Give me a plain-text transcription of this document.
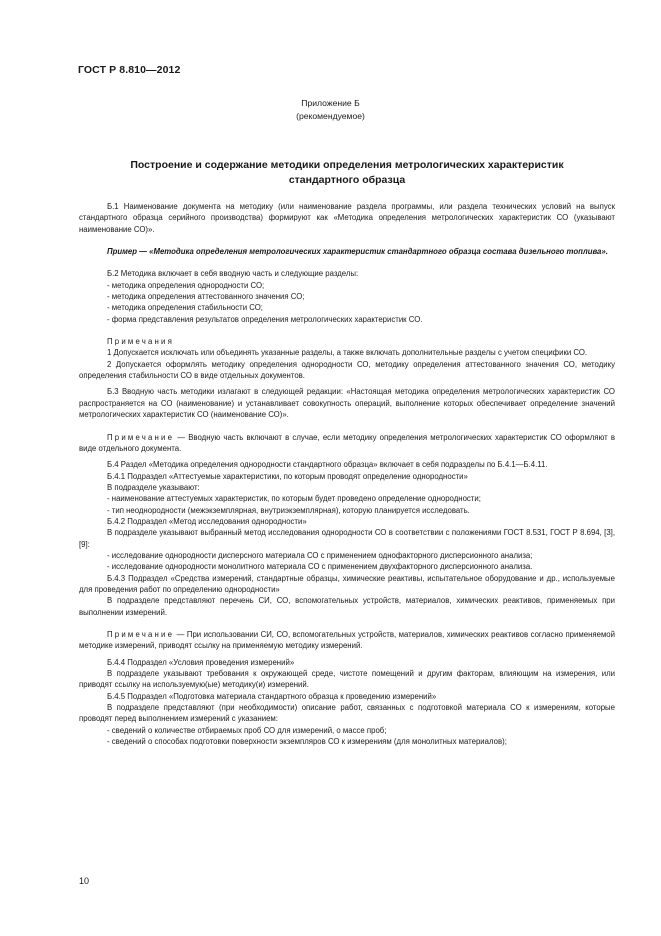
ГОСТ Р 8.810—2012
Приложение Б
(рекомендуемое)
Построение и содержание методики определения метрологических характеристик
стандартного образца

Б.1 Наименование документа на методику (или наименование раздела программы, или раздела технических условий на выпуск стандартного образца серийного производства) формируют как «Методика определения метрологических характеристик СО (указывают наименование СО)».

Пример — «Методика определения метрологических характеристик стандартного образца состава дизельного топлива».

Б.2 Методика включает в себя вводную часть и следующие разделы:

- методика определения однородности СО;

- методика определения аттестованного значения СО;

- методика определения стабильности СО;

- форма представления результатов определения метрологических характеристик СО.

Примечания

1 Допускается исключать или объединять указанные разделы, а также включать дополнительные разделы с учетом специфики СО.

2 Допускается оформлять методику определения однородности СО, методику определения аттестованного значения СО, методику определения стабильности СО в виде отдельных документов.

Б.3 Вводную часть методики излагают в следующей редакции: «Настоящая методика определения метрологических характеристик СО распространяется на СО (наименование) и устанавливает совокупность операций, выполнение которых обеспечивает определение значений метрологических характеристик СО (наименование СО)».

Примечание — Вводную часть включают в случае, если методику определения метрологических характеристик СО оформляют в виде отдельного документа.

Б.4 Раздел «Методика определения однородности стандартного образца» включает в себя подразделы по Б.4.1—Б.4.11.

Б.4.1 Подраздел «Аттестуемые характеристики, по которым проводят определение однородности»

В подразделе указывают:

- наименование аттестуемых характеристик, по которым будет проведено определение однородности;

- тип неоднородности (межэкземплярная, внутриэкземплярная), которую планируется исследовать.

Б.4.2 Подраздел «Метод исследования однородности»

В подразделе указывают выбранный метод исследования однородности СО в соответствии с положениями ГОСТ 8.531, ГОСТ Р 8.694, [3], [9]:

- исследование однородности дисперсного материала СО с применением однофакторного дисперсионного анализа;

- исследование однородности монолитного материала СО с применением двухфакторного дисперсионного анализа.

Б.4.3 Подраздел «Средства измерений, стандартные образцы, химические реактивы, испытательное оборудование и др., используемые для проведения работ по определению однородности»

В подразделе представляют перечень СИ, СО, вспомогательных устройств, материалов, химических реактивов, применяемых при выполнении измерений.

Примечание — При использовании СИ, СО, вспомогательных устройств, материалов, химических реактивов согласно применяемой методике измерений, приводят ссылку на применяемую методику измерений.

Б.4.4 Подраздел «Условия проведения измерений»

В подразделе указывают требования к окружающей среде, чистоте помещений и другим факторам, влияющим на измерения, или приводят ссылку на используемую(ые) методику(и) измерений.

Б.4.5 Подраздел «Подготовка материала стандартного образца к проведению измерений»

В подразделе представляют (при необходимости) описание работ, связанных с подготовкой материала СО к измерениям, которые проводят перед выполнением измерений с указанием:

- сведений о количестве отбираемых проб СО для измерений, о массе проб;

- сведений о способах подготовки поверхности экземпляров СО к измерениям (для монолитных материалов);

10
